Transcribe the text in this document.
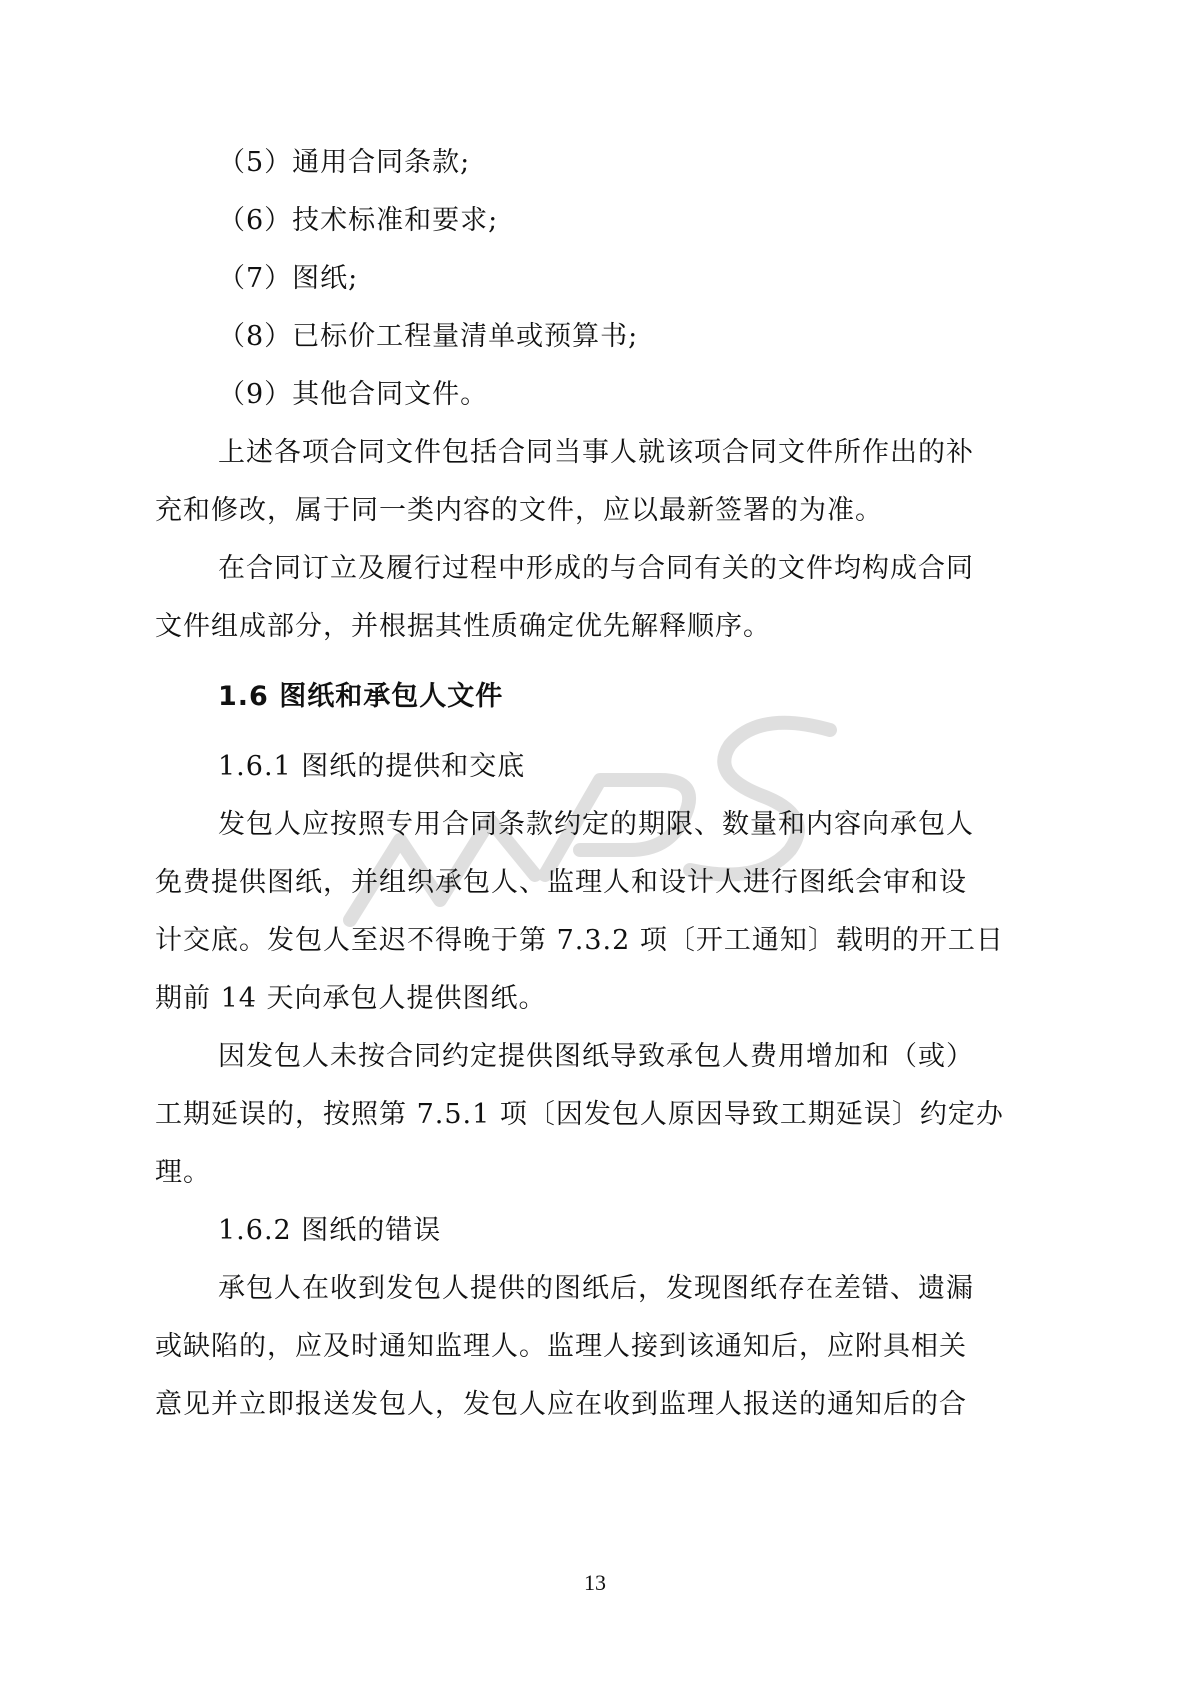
（5）通用合同条款;
（6）技术标准和要求;
（7）图纸;
（8）已标价工程量清单或预算书;
（9）其他合同文件。
上述各项合同文件包括合同当事人就该项合同文件所作出的补
充和修改，属于同一类内容的文件，应以最新签署的为准。
在合同订立及履行过程中形成的与合同有关的文件均构成合同
文件组成部分，并根据其性质确定优先解释顺序。
1.6 图纸和承包人文件
1.6.1 图纸的提供和交底
发包人应按照专用合同条款约定的期限、数量和内容向承包人
免费提供图纸，并组织承包人、监理人和设计人进行图纸会审和设
计交底。发包人至迟不得晚于第 7.3.2 项〔开工通知〕载明的开工日
期前 14 天向承包人提供图纸。
因发包人未按合同约定提供图纸导致承包人费用增加和（或）
工期延误的，按照第 7.5.1 项〔因发包人原因导致工期延误〕约定办
理。
1.6.2 图纸的错误
承包人在收到发包人提供的图纸后，发现图纸存在差错、遗漏
或缺陷的，应及时通知监理人。监理人接到该通知后，应附具相关
意见并立即报送发包人，发包人应在收到监理人报送的通知后的合
13
